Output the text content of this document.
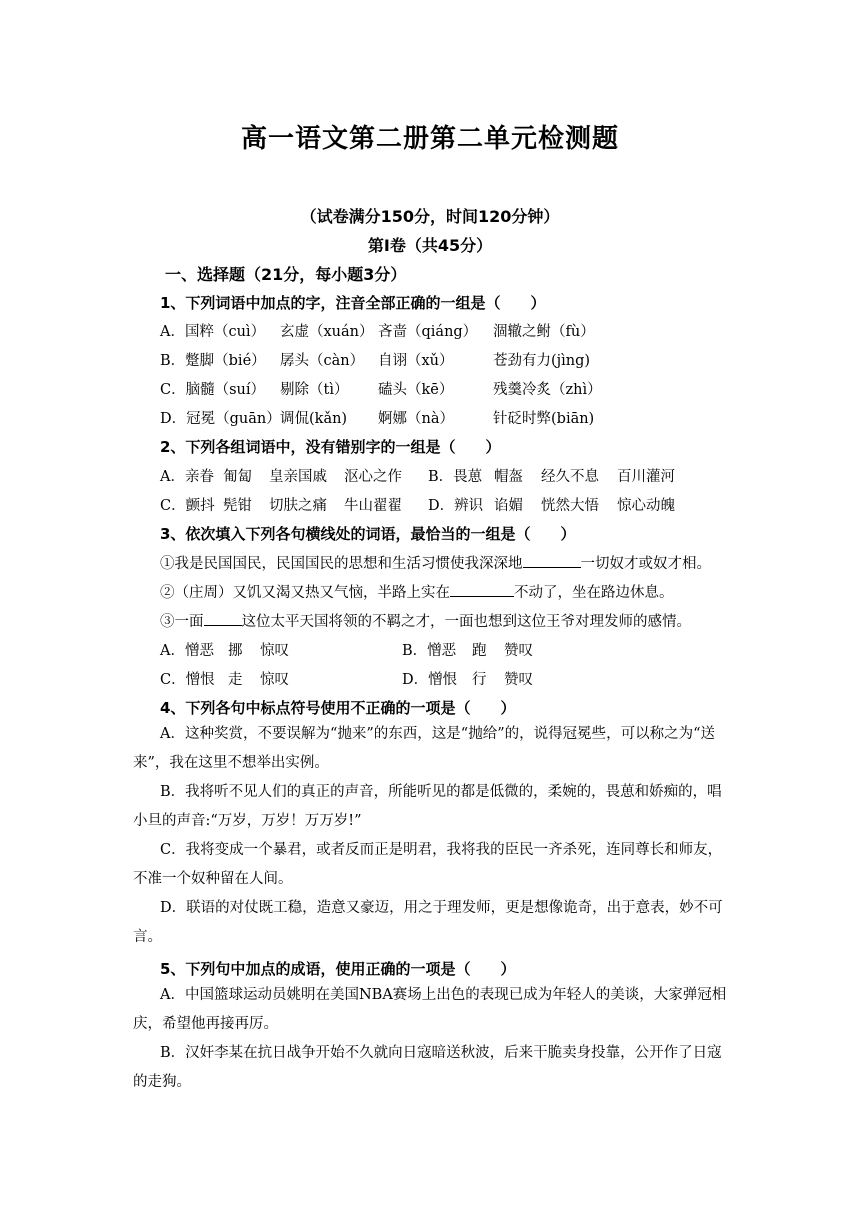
高一语文第二册第二单元检测题
（试卷满分150分，时间120分钟）
第Ⅰ卷（共45分）
一、选择题（21分，每小题3分）
1、下列词语中加点的字，注音全部正确的一组是（　　）
A．国粹（cuì） 玄虚（xuán） 吝啬（qiáng） 涸辙之鲋（fù）
B．蹩脚（bié） 孱头（càn） 自诩（xǔ）	苍劲有力(jìng)
C．脑髓（suí） 剔除（tì） 磕头（kē）	残羹冷炙（zhì）
D．冠冕（guān）调侃(kǎn) 婀娜（nà）	针砭时弊(biān)
2、下列各组词语中，没有错别字的一组是（　　）
A．亲眷 匍匐 皇亲国戚 沤心之作 B．畏葸 帽盔 经久不息 百川灌河
C．颤抖 髡钳 切肤之痛 牛山翟翟 D．辨识 谄媚 恍然大悟 惊心动魄
3、依次填入下列各句横线处的词语，最恰当的一组是（　　）
①我是民国国民，民国国民的思想和生活习惯使我深深地	一切奴才或奴才相。
②（庄周）又饥又渴又热又气恼，半路上实在	不动了，坐在路边休息。
③一面	这位太平天国将领的不羁之才，一面也想到这位王爷对理发师的感情。
A．憎恶 挪 惊叹	B．憎恶 跑 赞叹
C．憎恨 走 惊叹	D．憎恨 行 赞叹
4、下列各句中标点符号使用不正确的一项是（　　）
A．这种奖赏，不要误解为“抛来”的东西，这是“抛给”的，说得冠冕些，可以称之为“送来”，我在这里不想举出实例。
B．我将听不见人们的真正的声音，所能听见的都是低微的，柔婉的，畏葸和娇痴的，唱小旦的声音:“万岁，万岁！万万岁!”
C．我将变成一个暴君，或者反而正是明君，我将我的臣民一齐杀死，连同尊长和师友，不准一个奴种留在人间。
D．联语的对仗既工稳，造意又豪迈，用之于理发师，更是想像诡奇，出于意表，妙不可言。
5、下列句中加点的成语，使用正确的一项是（　　）
A．中国篮球运动员姚明在美国NBA赛场上出色的表现已成为年轻人的美谈，大家弹冠相庆，希望他再接再厉。
B．汉奸李某在抗日战争开始不久就向日寇暗送秋波，后来干脆卖身投靠，公开作了日寇的走狗。
